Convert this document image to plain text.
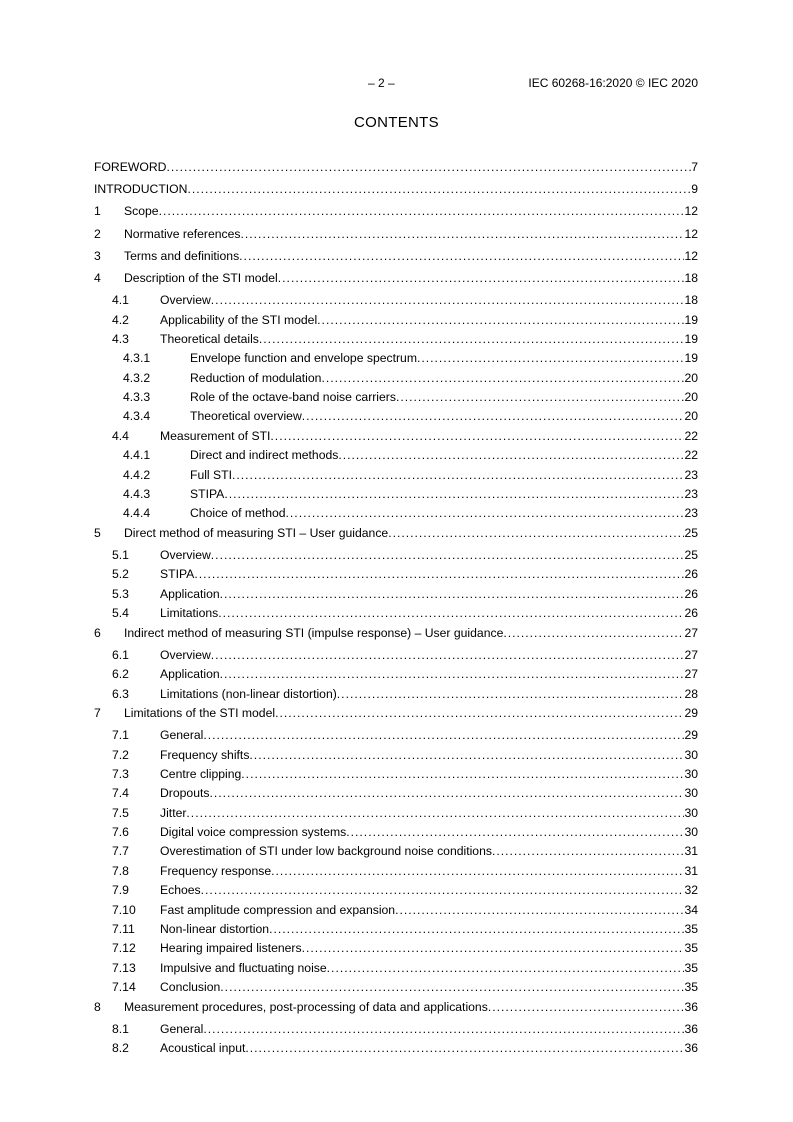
– 2 –	IEC 60268-16:2020 © IEC 2020
CONTENTS
FOREWORD .....	7
INTRODUCTION .....	9
1 Scope .....	12
2 Normative references .....	12
3 Terms and definitions .....	12
4 Description of the STI model .....	18
4.1	Overview .....	18
4.2	Applicability of the STI model .....	19
4.3	Theoretical details .....	19
4.3.1	Envelope function and envelope spectrum .....	19
4.3.2	Reduction of modulation .....	20
4.3.3	Role of the octave-band noise carriers .....	20
4.3.4	Theoretical overview .....	20
4.4	Measurement of STI .....	22
4.4.1	Direct and indirect methods .....	22
4.4.2	Full STI .....	23
4.4.3	STIPA .....	23
4.4.4	Choice of method .....	23
5 Direct method of measuring STI – User guidance .....	25
5.1	Overview .....	25
5.2	STIPA .....	26
5.3	Application .....	26
5.4	Limitations .....	26
6 Indirect method of measuring STI (impulse response) – User guidance .....	27
6.1	Overview .....	27
6.2	Application .....	27
6.3	Limitations (non-linear distortion) .....	28
7 Limitations of the STI model .....	29
7.1	General .....	29
7.2	Frequency shifts .....	30
7.3	Centre clipping .....	30
7.4	Dropouts .....	30
7.5	Jitter .....	30
7.6	Digital voice compression systems .....	30
7.7	Overestimation of STI under low background noise conditions .....	31
7.8	Frequency response .....	31
7.9	Echoes .....	32
7.10 Fast amplitude compression and expansion .....	34
7.11 Non-linear distortion .....	35
7.12 Hearing impaired listeners .....	35
7.13 Impulsive and fluctuating noise .....	35
7.14 Conclusion .....	35
8 Measurement procedures, post-processing of data and applications .....	36
8.1	General .....	36
8.2	Acoustical input .....	36
